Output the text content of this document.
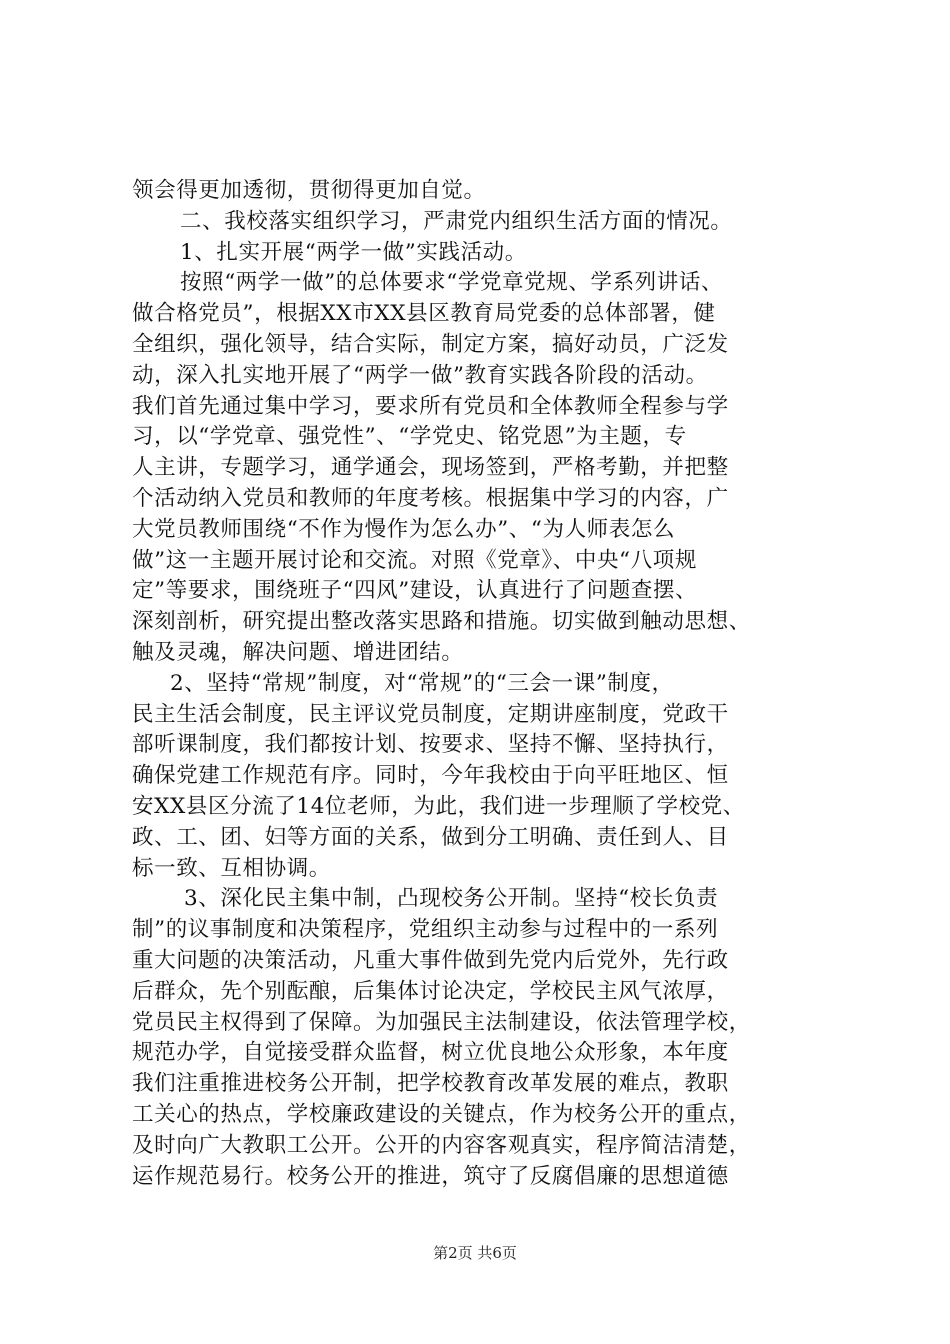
领会得更加透彻，贯彻得更加自觉。
二、我校落实组织学习，严肃党内组织生活方面的情况。
1、扎实开展“两学一做”实践活动。
按照“两学一做”的总体要求“学党章党规、学系列讲话、
做合格党员”，根据XX市XX县区教育局党委的总体部署，健
全组织，强化领导，结合实际，制定方案，搞好动员，广泛发
动，深入扎实地开展了“两学一做”教育实践各阶段的活动。
我们首先通过集中学习，要求所有党员和全体教师全程参与学
习，以“学党章、强党性”、“学党史、铭党恩”为主题，专
人主讲，专题学习，通学通会，现场签到，严格考勤，并把整
个活动纳入党员和教师的年度考核。根据集中学习的内容，广
大党员教师围绕“不作为慢作为怎么办”、“为人师表怎么
做”这一主题开展讨论和交流。对照《党章》、中央“八项规
定”等要求，围绕班子“四风”建设，认真进行了问题查摆、
深刻剖析，研究提出整改落实思路和措施。切实做到触动思想、
触及灵魂，解决问题、增进团结。
2、坚持“常规”制度，对“常规”的“三会一课”制度，
民主生活会制度，民主评议党员制度，定期讲座制度，党政干
部听课制度，我们都按计划、按要求、坚持不懈、坚持执行，
确保党建工作规范有序。同时，今年我校由于向平旺地区、恒
安XX县区分流了14位老师，为此，我们进一步理顺了学校党、
政、工、团、妇等方面的关系，做到分工明确、责任到人、目
标一致、互相协调。
3、深化民主集中制，凸现校务公开制。坚持“校长负责
制”的议事制度和决策程序，党组织主动参与过程中的一系列
重大问题的决策活动，凡重大事件做到先党内后党外，先行政
后群众，先个别酝酿，后集体讨论决定，学校民主风气浓厚，
党员民主权得到了保障。为加强民主法制建设，依法管理学校，
规范办学，自觉接受群众监督，树立优良地公众形象，本年度
我们注重推进校务公开制，把学校教育改革发展的难点，教职
工关心的热点，学校廉政建设的关键点，作为校务公开的重点，
及时向广大教职工公开。公开的内容客观真实，程序简洁清楚，
运作规范易行。校务公开的推进，筑守了反腐倡廉的思想道德
第2页 共6页
